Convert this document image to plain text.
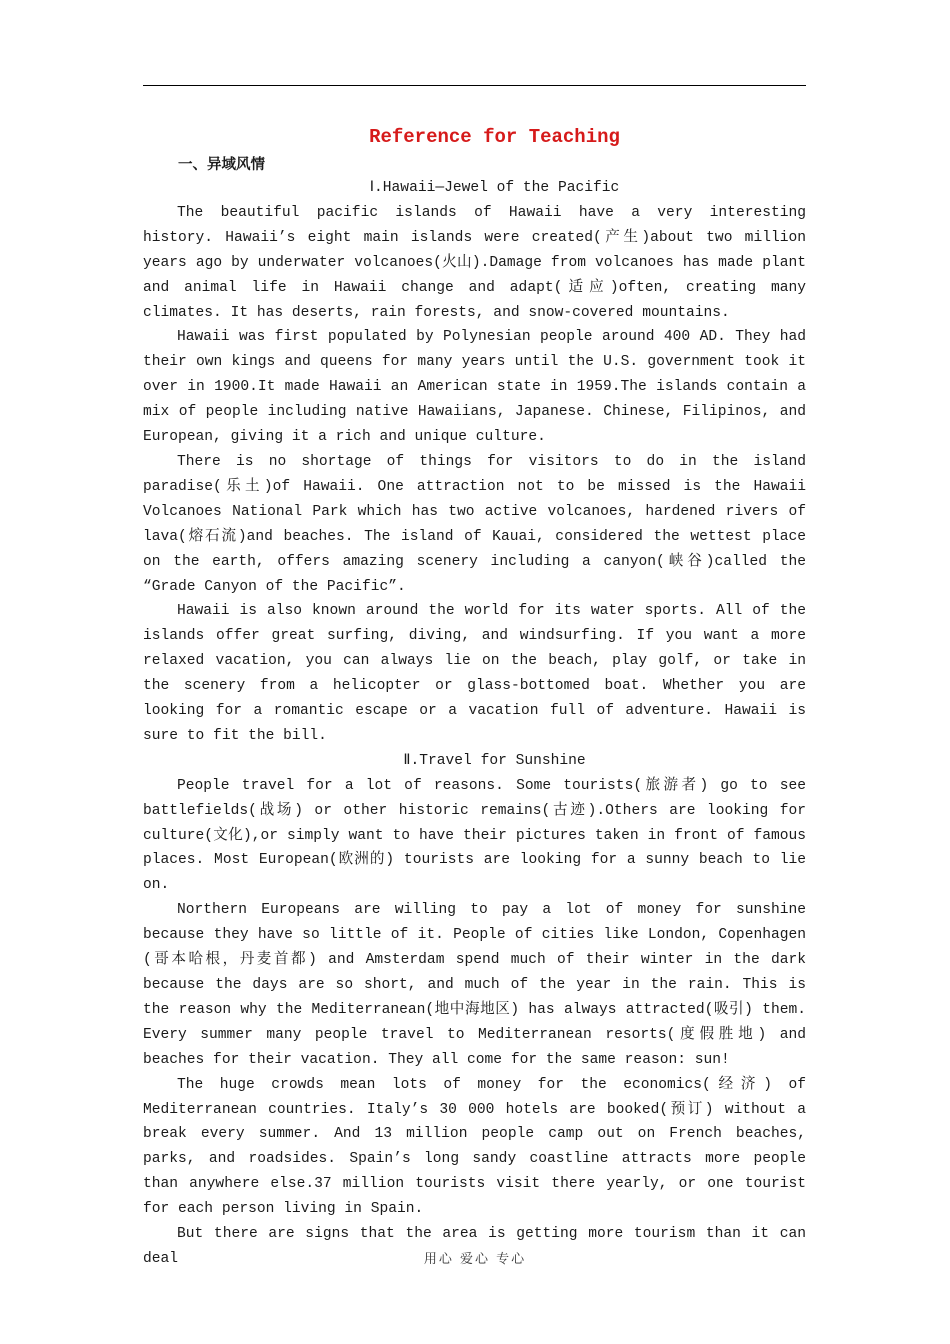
Reference for Teaching
一、异域风情
Ⅰ.Hawaii—Jewel of the Pacific

The beautiful pacific islands of Hawaii have a very interesting history. Hawaii’s eight main islands were created(产生)about two million years ago by underwater volcanoes(火山).Damage from volcanoes has made plant and animal life in Hawaii change and adapt(适应)often, creating many climates. It has deserts, rain forests, and snow-covered mountains.

Hawaii was first populated by Polynesian people around 400 AD. They had their own kings and queens for many years until the U.S. government took it over in 1900.It made Hawaii an American state in 1959.The islands contain a mix of people including native Hawaiians, Japanese. Chinese, Filipinos, and European, giving it a rich and unique culture.

There is no shortage of things for visitors to do in the island paradise(乐土)of Hawaii. One attraction not to be missed is the Hawaii Volcanoes National Park which has two active volcanoes, hardened rivers of lava(熔石流)and beaches. The island of Kauai, considered the wettest place on the earth, offers amazing scenery including a canyon(峡谷)called the “Grade Canyon of the Pacific”.

Hawaii is also known around the world for its water sports. All of the islands offer great surfing, diving, and windsurfing. If you want a more relaxed vacation, you can always lie on the beach, play golf, or take in the scenery from a helicopter or glass-bottomed boat. Whether you are looking for a romantic escape or a vacation full of adventure. Hawaii is sure to fit the bill.

Ⅱ.Travel for Sunshine

People travel for a lot of reasons. Some tourists(旅游者) go to see battlefields(战场) or other historic remains(古迹).Others are looking for culture(文化),or simply want to have their pictures taken in front of famous places. Most European(欧洲的) tourists are looking for a sunny beach to lie on.

Northern Europeans are willing to pay a lot of money for sunshine because they have so little of it. People of cities like London, Copenhagen (哥本哈根，丹麦首都) and Amsterdam spend much of their winter in the dark because the days are so short, and much of the year in the rain. This is the reason why the Mediterranean(地中海地区) has always attracted(吸引) them. Every summer many people travel to Mediterranean resorts(度假胜地) and beaches for their vacation. They all come for the same reason: sun!

The huge crowds mean lots of money for the economics(经济) of Mediterranean countries. Italy’s 30 000 hotels are booked(预订) without a break every summer. And 13 million people camp out on French beaches, parks, and roadsides. Spain’s long sandy coastline attracts more people than anywhere else.37 million tourists visit there yearly, or one tourist for each person living in Spain.

But there are signs that the area is getting more tourism than it can deal	用心 爱心 专心
